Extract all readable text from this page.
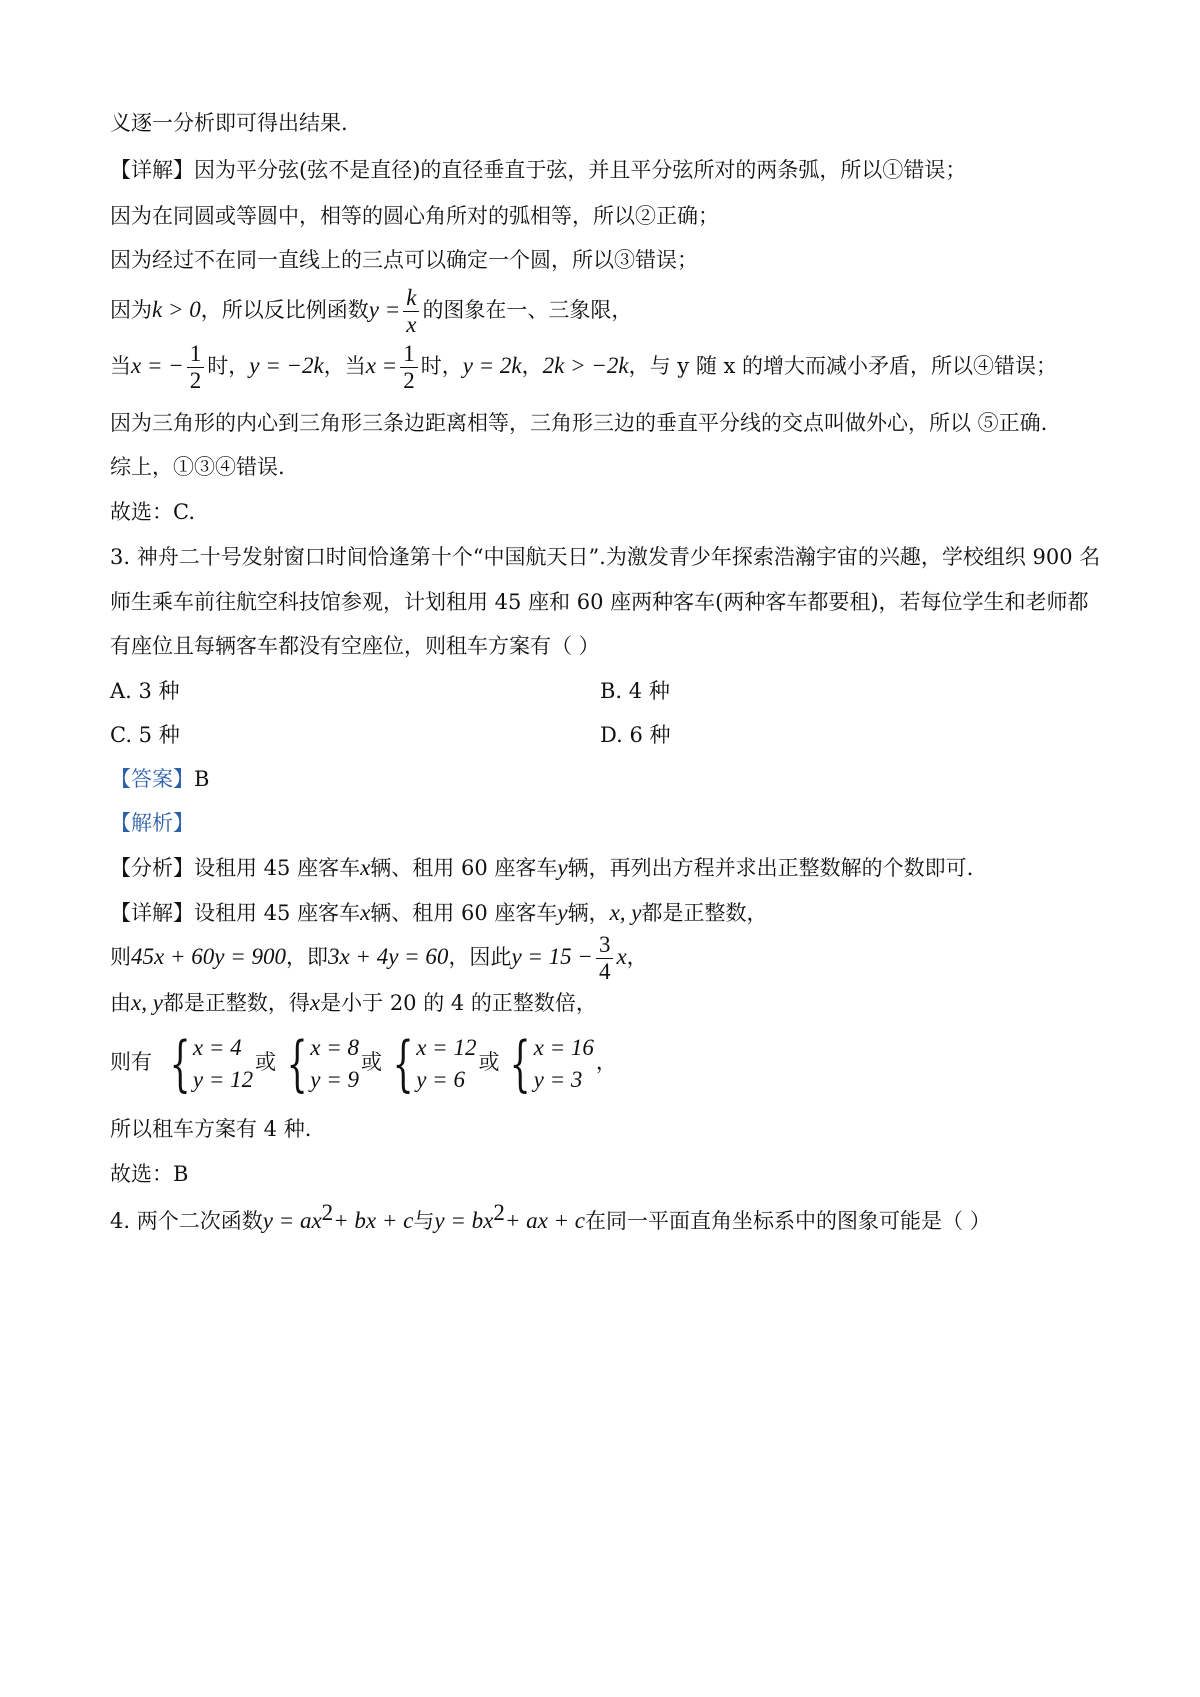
义逐一分析即可得出结果.
【详解】因为平分弦(弦不是直径)的直径垂直于弦，并且平分弦所对的两条弧，所以①错误；
因为在同圆或等圆中，相等的圆心角所对的弧相等，所以②正确；
因为经过不在同一直线上的三点可以确定一个圆，所以③错误；
因为k > 0，所以反比例函数$y = \frac{k}{x}$ 的图象在一、三象限，
当x = − $\frac{1}{2}$ 时，y = −2k，当$x = \frac{1}{2}$ 时，y = 2k，2k > −2k，与 y 随 x 的增大而减小矛盾，所以④错误；
因为三角形的内心到三角形三条边距离相等，三角形三边的垂直平分线的交点叫做外心，所以 ⑤正确.
综上，①③④错误.
故选：C.
3. 神舟二十号发射窗口时间恰逢第十个“中国航天日”.为激发青少年探索浩瀚宇宙的兴趣，学校组织 900 名
师生乘车前往航空科技馆参观，计划租用 45 座和 60 座两种客车(两种客车都要租)，若每位学生和老师都
有座位且每辆客车都没有空座位，则租车方案有（ ）
A. 3 种	B. 4 种
C. 5 种	D. 6 种
【答案】B
【解析】
【分析】设租用 45 座客车x辆、租用 60 座客车y辆，再列出方程并求出正整数解的个数即可.
【详解】设租用 45 座客车x辆、租用 60 座客车y辆，x, y都是正整数，
则45x + 60y = 900，即3x + 4y = 60，因此$y = 15 - \frac{3}{4}$ x，
由x, y都是正整数，得x是小于 20 的 4 的正整数倍，
则有 { x = 4
y = 12
或 { x = 8
y = 9
或 { x = 12
y = 6
或 { x = 16
y = 3
，
所以租车方案有 4 种.
故选：B
4. 两个二次函数$y = ax^2+$ bx + c与$y = bx^2+$ ax + c在同一平面直角坐标系中的图象可能是（ ）
